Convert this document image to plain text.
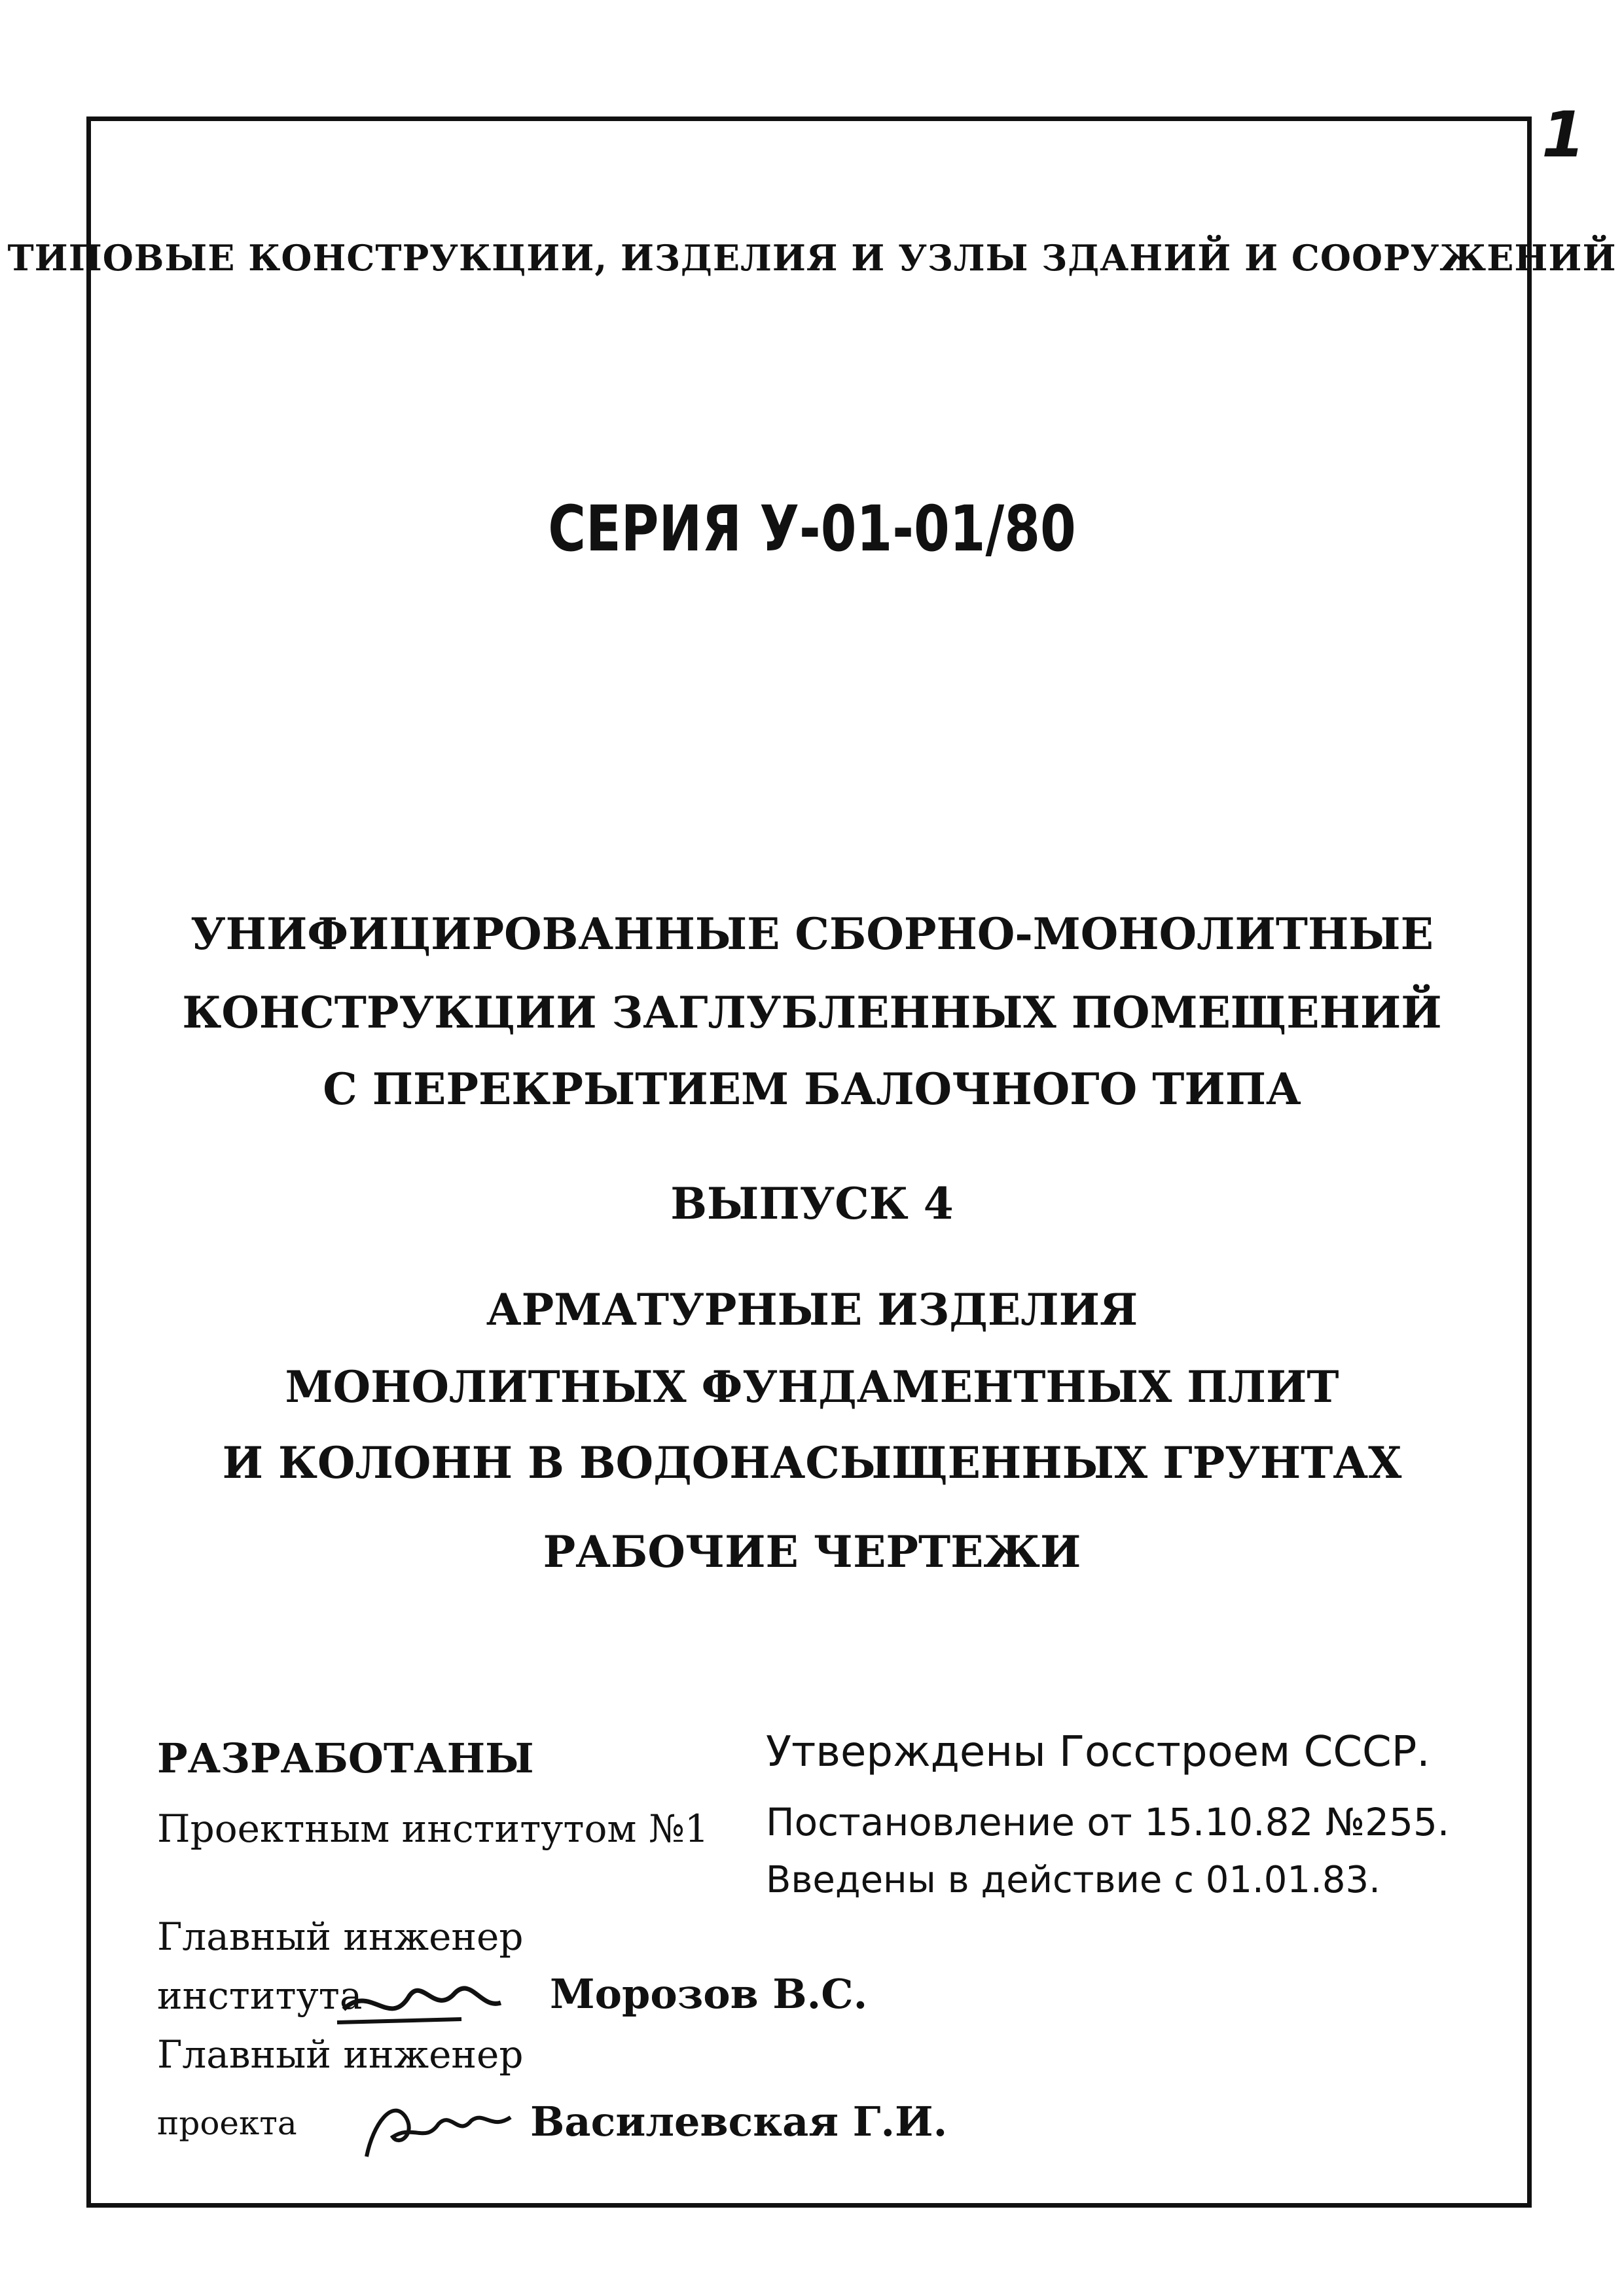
1
ТИПОВЫЕ КОНСТРУКЦИИ, ИЗДЕЛИЯ И УЗЛЫ ЗДАНИЙ И СООРУЖЕНИЙ
СЕРИЯ У-01-01/80
УНИФИЦИРОВАННЫЕ СБОРНО-МОНОЛИТНЫЕ
КОНСТРУКЦИИ ЗАГЛУБЛЕННЫХ ПОМЕЩЕНИЙ
С ПЕРЕКРЫТИЕМ БАЛОЧНОГО ТИПА
ВЫПУСК 4
АРМАТУРНЫЕ ИЗДЕЛИЯ
МОНОЛИТНЫХ ФУНДАМЕНТНЫХ ПЛИТ
И КОЛОНН В ВОДОНАСЫЩЕННЫХ ГРУНТАХ
РАБОЧИЕ ЧЕРТЕЖИ
РАЗРАБОТАНЫ
Проектным институтом №1
Утверждены Госстроем СССР.
Постановление от 15.10.82 №255.
Введены в действие с 01.01.83.
Главный инженер
института	Морозов В.С.
Главный инженер
проекта	Василевская Г.И.
